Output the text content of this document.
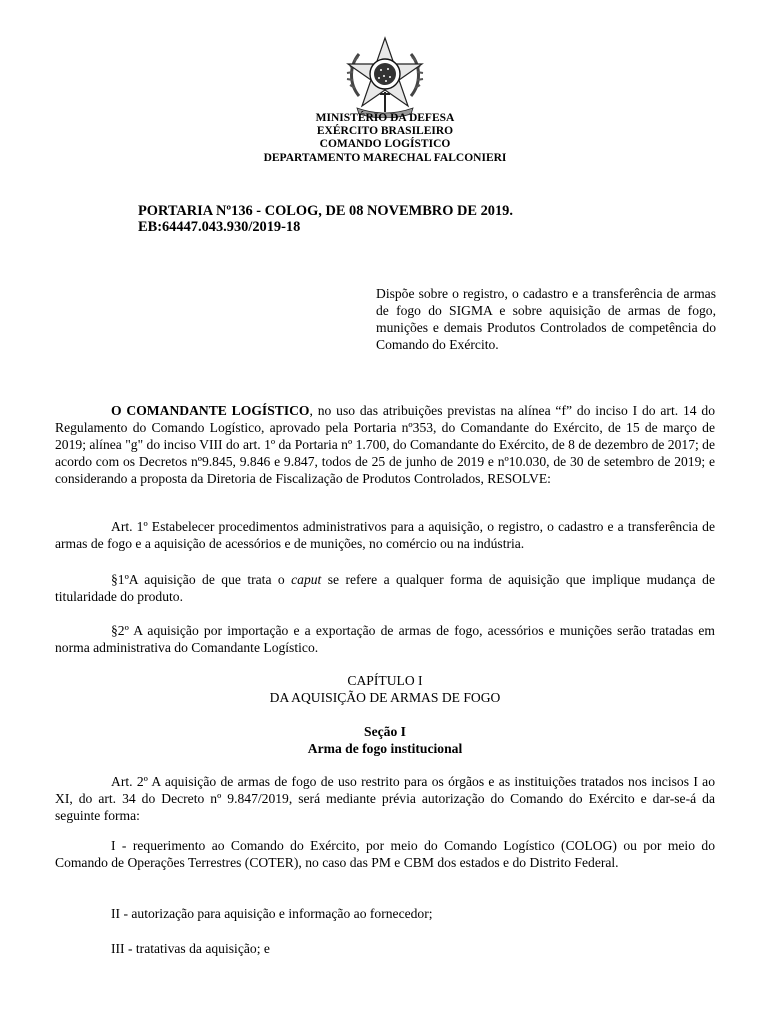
MINISTÉRIO DA DEFESA
EXÉRCITO BRASILEIRO
COMANDO LOGÍSTICO
DEPARTAMENTO MARECHAL FALCONIERI
PORTARIA Nº136 - COLOG, DE 08 NOVEMBRO DE 2019.
EB:64447.043.930/2019-18
Dispõe sobre o registro, o cadastro e a transferência de armas de fogo do SIGMA e sobre aquisição de armas de fogo, munições e demais Produtos Controlados de competência do Comando do Exército.
O COMANDANTE LOGÍSTICO, no uso das atribuições previstas na alínea “f” do inciso I do art. 14 do Regulamento do Comando Logístico, aprovado pela Portaria nº353, do Comandante do Exército, de 15 de março de 2019; alínea "g" do inciso VIII do art. 1º da Portaria nº 1.700, do Comandante do Exército, de 8 de dezembro de 2017; de acordo com os Decretos nº9.845, 9.846 e 9.847, todos de 25 de junho de 2019 e nº10.030, de 30 de setembro de 2019; e considerando a proposta da Diretoria de Fiscalização de Produtos Controlados, RESOLVE:
Art. 1º Estabelecer procedimentos administrativos para a aquisição, o registro, o cadastro e a transferência de armas de fogo e a aquisição de acessórios e de munições, no comércio ou na indústria.
§1ºA aquisição de que trata o caput se refere a qualquer forma de aquisição que implique mudança de titularidade do produto.
§2º A aquisição por importação e a exportação de armas de fogo, acessórios e munições serão tratadas em norma administrativa do Comandante Logístico.
CAPÍTULO I
DA AQUISIÇÃO DE ARMAS DE FOGO
Seção I
Arma de fogo institucional
Art. 2º A aquisição de armas de fogo de uso restrito para os órgãos e as instituições tratados nos incisos I ao XI, do art. 34 do Decreto nº 9.847/2019, será mediante prévia autorização do Comando do Exército e dar-se-á da seguinte forma:
I - requerimento ao Comando do Exército, por meio do Comando Logístico (COLOG) ou por meio do Comando de Operações Terrestres (COTER), no caso das PM e CBM dos estados e do Distrito Federal.
II - autorização para aquisição e informação ao fornecedor;
III - tratativas da aquisição; e
